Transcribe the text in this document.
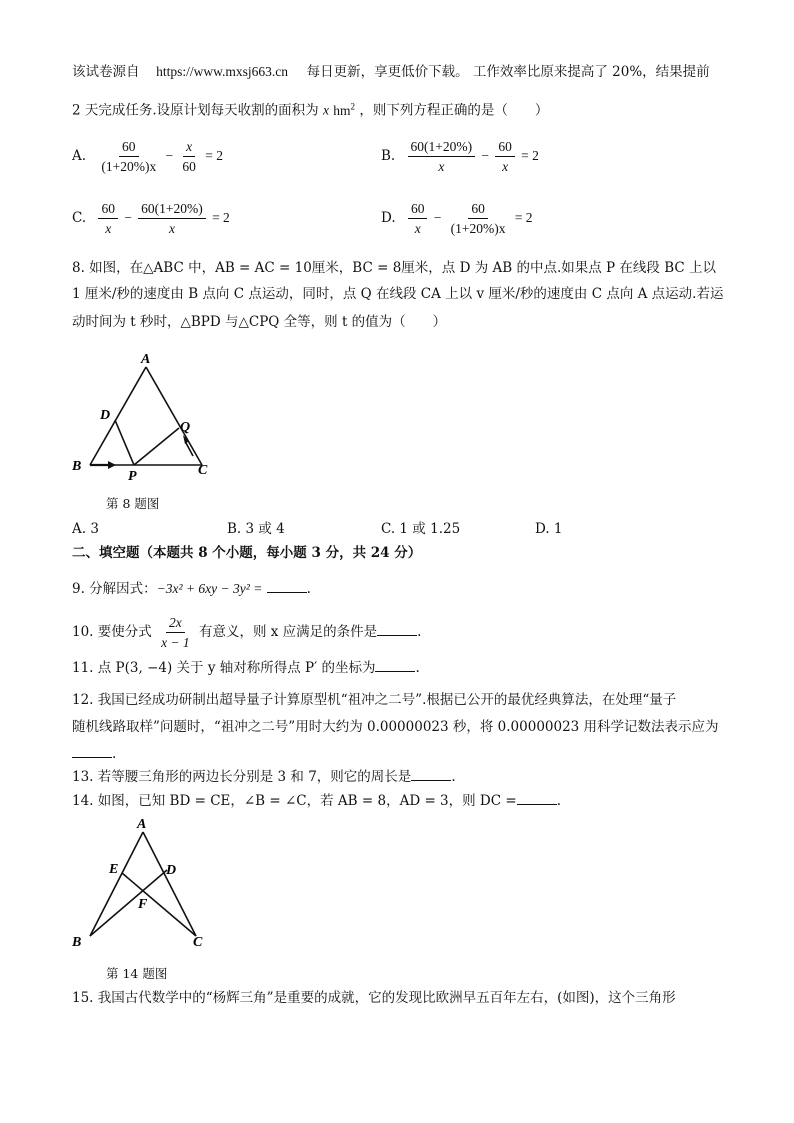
该试卷源自 https://www.mxsj663.cn 每日更新，享更低价下载。 工作效率比原来提高了 20%，结果提前
2 天完成任务.设原计划每天收割的面积为 x $hm^2$ ，则下列方程正确的是（　　）
A. $\frac{60}{(1+20\%)x} - \frac{x}{60} = 2$	B. $\frac{60(1+20\%)}{x} - \frac{60}{x} = 2$
C. $\frac{60}{x} - \frac{60(1+20\%)}{x} = 2$	D. $\frac{60}{x} - \frac{60}{(1+20\%)x} = 2$
8. 如图，在△ABC 中，AB = AC = 10厘米，BC = 8厘米，点 D 为 AB 的中点.如果点 P 在线段 BC 上以
1 厘米/秒的速度由 B 点向 C 点运动，同时，点 Q 在线段 CA 上以 v 厘米/秒的速度由 C 点向 A 点运动.若运
动时间为 t 秒时，△BPD 与△CPQ 全等，则 t 的值为（　　）
A
D
Q
B
P	C
第 8 题图
A. 3	B. 3 或 4	C. 1 或 1.25	D. 1
二、填空题（本题共 8 个小题，每小题 3 分，共 24 分）
9. 分解因式：−3x² + 6xy − 3y² =	.
10. 要使分式 $\frac{2x}{x - 1}$ 有意义，则 x 应满足的条件是	.
11. 点 P(3, −4) 关于 y 轴对称所得点 P′ 的坐标为	.
12. 我国已经成功研制出超导量子计算原型机“祖冲之二号”.根据已公开的最优经典算法，在处理“量子
随机线路取样”问题时，“祖冲之二号”用时大约为 0.00000023 秒，将 0.00000023 用科学记数法表示应为
.
13. 若等腰三角形的两边长分别是 3 和 7，则它的周长是	.
14. 如图，已知 BD = CE，∠B = ∠C，若 AB = 8，AD = 3，则 DC =	.
A
E	D
F
B	C
第 14 题图
15. 我国古代数学中的“杨辉三角”是重要的成就，它的发现比欧洲早五百年左右，(如图)，这个三角形
